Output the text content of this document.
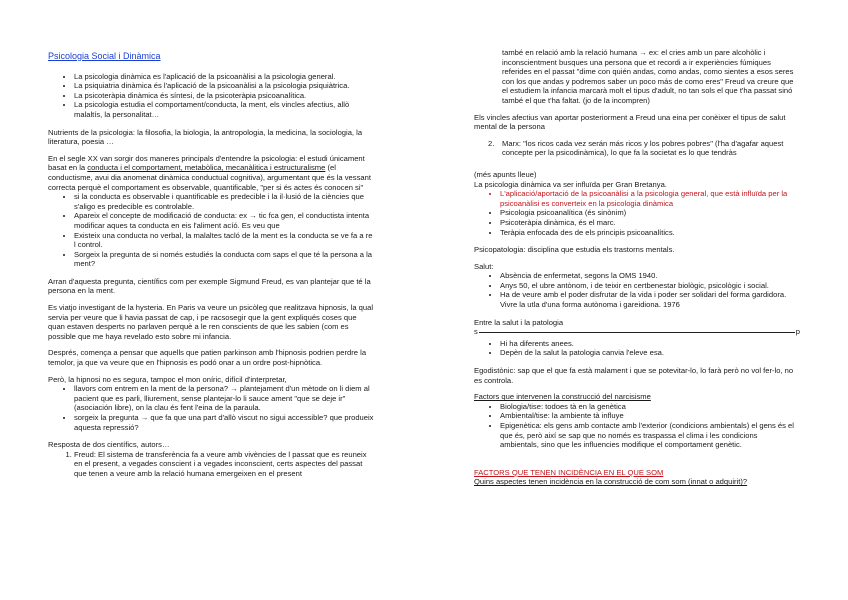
Psicologia Social i Dinàmica

• La psicologia dinàmica es l'aplicació de la psicoanàlisi a la psicologia general.
• La psiquiatria dinàmica és l'aplicació de la psicoanàlisi a la psicologia psiquiàtrica.
• La psicoteràpia dinàmica és síntesi, de la psicoteràpia psicoanalítica.
• La psicologia estudia el comportament/conducta, la ment, els vincles afectius, allò malaltís, la personalitat…

Nutrients de la psicologia: la filosofia, la biologia, la antropologia, la medicina, la sociologia, la literatura, poesia …

En el segle XX van sorgir dos maneres principals d'entendre la psicologia: el estudi únicament basat en la conducta i el comportament, metabòlica, mecanàlitica i estructuralisme (el conductisme, avui dia anomenat dinàmica conductual cognitiva), argumentant que és la vessant correcta perquè el comportament es observable, quantificable, "per si és actes és conocen si"

• si la conducta es observable i quantificable es predecible i la il·lusió de la ciències que s'aligo es predecible es controlable.
• Apareix el concepte de modificació de conducta: ex → tic fca gen, el conductista intenta modificar aques ta conducta en eis l'aliment acíó. Es veu que
• Existeix una conducta no verbal, la malaltes tacló de la ment es la conducta se ve fa a re l control.
• Sorgeix la pregunta de si només estudiés la conducta com saps el que té la persona a la ment?

Arran d'aquesta pregunta, científics com per exemple Sigmund Freud, es van plantejar que té la persona en la ment.

Es viatjo investigant de la hysteria. En Paris va veure un psicòleg que realitzava hipnosis, la qual servia per veure que li havia passat de cap, i pe racsosegir que la gent expliqués coses que quan estaven desperts no parlaven perquè a le ren conscients de que les sabien (com es possible que me haya revelado esto sobre mi infancia.

Després, comença a pensar que aquells que patien parkinson amb l'hipnosis podrien perdre la temolor, ja que va veure que en l'hipnosis es podó onar a un ordre post-hipnòtica.

Però, la hipnosi no es segura, tampoc el mon oníric, difícil d'interpretar,

• llavors com entrem en la ment de la persona? → plantejament d'un mètode on li diem al pacient que es parli, lliurement, sense plantejar-lo li sauce ament "que se deje ir" (asociación libre), on la clau és fent l'eina de la paraula.
• sorgeix la pregunta → que fa que una part d'allò viscut no sigui accessible? que produeix aquesta repressió?

Resposta de dos científics, autors…

1. Freud: El sistema de transferència fa a veure amb vivències de l passat que es reuneix en el present, a vegades conscient i a vegades inconscient, certs aspectes del passat que tenen a veure amb la relació humana emergeixen en el present

també en relació amb la relació humana → ex: el cries amb un pare alcohòlic i inconscientment busques una persona que et recordi a ir experiències fúmiques referides en el passat "dime con quién andas, como andas, como sientes a esos seres con los que andas y podremos saber un poco más de como eres" Freud va creure que el estudiem la infancia marcarà molt el tipus d'adult, no tan sols el que t'ha passat sinó també el que t'ha faltat. (jo de la incompren)

Els vincles afectius van aportar posteriorment a Freud una eina per conèixer el tipus de salut mental de la persona

2.	Marx: "los ricos cada vez serán más ricos y los pobres pobres" (l'ha d'agafar aquest concepte per la psicodinàmica), lo que fa la societat es lo que tendràs

(més apunts lleue)

La psicologia dinàmica va ser influïda per Gran Bretanya.

• L'aplicació/aportació de la psicoanàlisi a la psicologia general, que està influïda per la psicoanàlisi es converteix en la psicologia dinàmica
• Psicologia psicoanalítica (és sinònim)
• Psicoteràpia dinàmica, és el marc.
• Teràpia enfocada des de els principis psicoanalítics.

Psicopatologia: disciplina que estudia els trastorns mentals.

Salut:

• Absència de enfermetat, segons la OMS 1940.
• Anys 50, el ubre antònom, i de teixir en certbenestar biològic, psicològic i social.
• Ha de veure amb el poder disfrutar de la vida i poder ser solidari del forma gardidora. Vivre la utla d'una forma autònoma i gareidiona. 1976

Entre la salut i la patologia

s	p
• Hi ha diferents anees.
• Depèn de la salut la patologia canvia l'eleve esa.

Egodistònic: sap que el que fa està malament i que se potevitar-lo, lo farà però no vol fer-lo, no es controla.

Factors que intervenen la construcció del narcisisme

• Biologia/tise: todoes tà en la genètica
• Ambiental/tise: la ambiente tà influye
• Epigenètica: els gens amb contacte amb l'exterior (condicions ambientals) el gens és el que és, però així se sap que no només es traspassa el clima i les condicions ambientals, sino que les influencies modifique el comportament genètic.

FACTORS QUE TENEN INCIDÈNCIA EN EL QUE SOM

Quins aspectes tenen incidència en la construcció de com som (innat o adquirit)?
